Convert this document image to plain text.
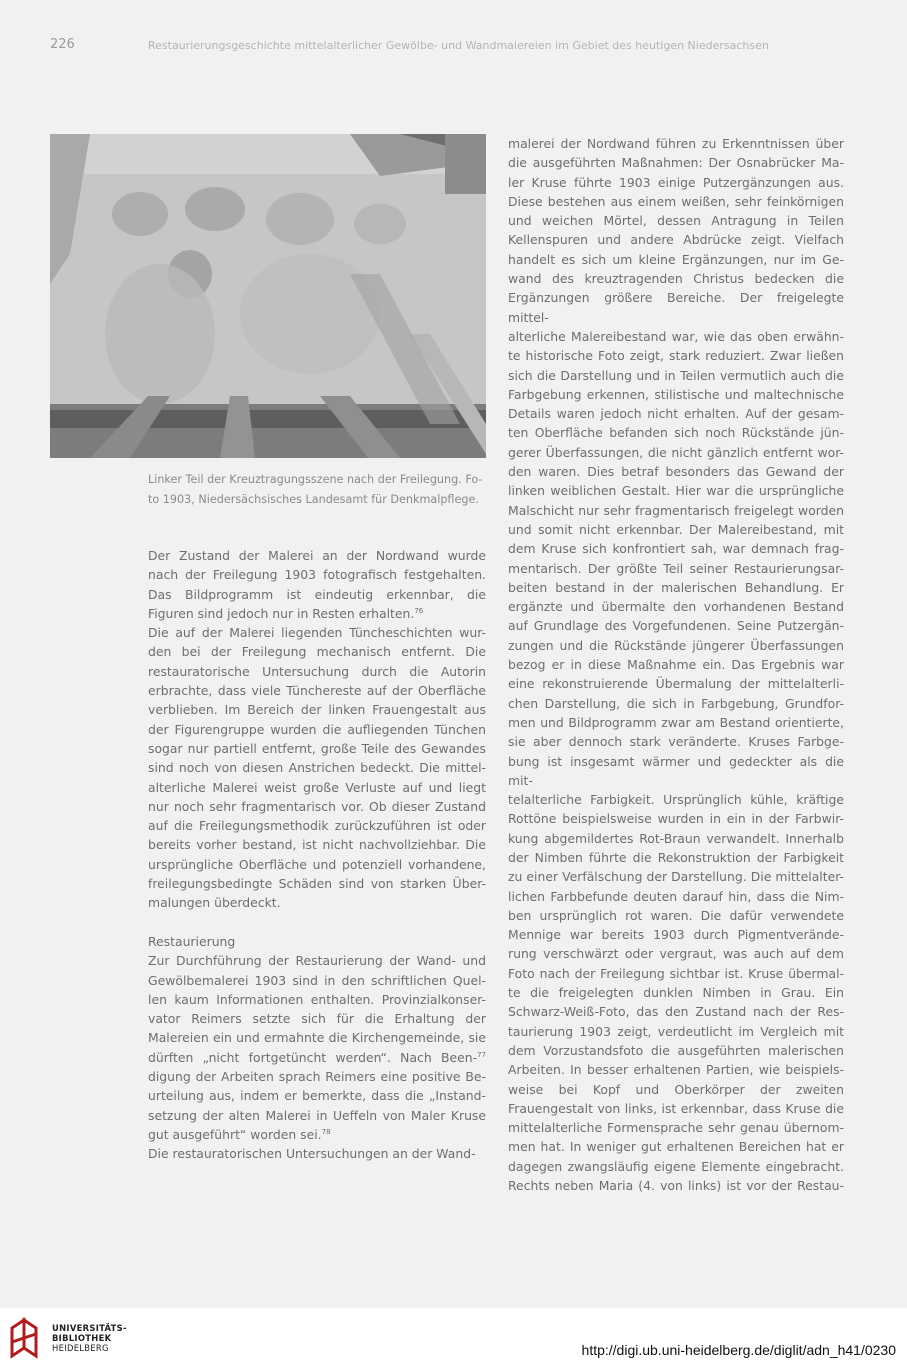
226	Restaurierungsgeschichte mittelalterlicher Gewölbe- und Wandmalereien im Gebiet des heutigen Niedersachsen
Linker Teil der Kreuztragungsszene nach der Freilegung. Fo-
to 1903, Niedersächsisches Landesamt für Denkmalpflege.
Der Zustand der Malerei an der Nordwand wurde
nach der Freilegung 1903 fotografisch festgehalten.
Das Bildprogramm ist eindeutig erkennbar, die
Figuren sind jedoch nur in Resten erhalten.$^{76}$
Die auf der Malerei liegenden Tüncheschichten wur-
den bei der Freilegung mechanisch entfernt. Die
restauratorische Untersuchung durch die Autorin
erbrachte, dass viele Tünchereste auf der Oberfläche
verblieben. Im Bereich der linken Frauengestalt aus
der Figurengruppe wurden die aufliegenden Tünchen
sogar nur partiell entfernt, große Teile des Gewandes
sind noch von diesen Anstrichen bedeckt. Die mittel-
alterliche Malerei weist große Verluste auf und liegt
nur noch sehr fragmentarisch vor. Ob dieser Zustand
auf die Freilegungsmethodik zurückzuführen ist oder
bereits vorher bestand, ist nicht nachvollziehbar. Die
ursprüngliche Oberfläche und potenziell vorhandene,
freilegungsbedingte Schäden sind von starken Über-
malungen überdeckt.
Restaurierung
Zur Durchführung der Restaurierung der Wand- und
Gewölbemalerei 1903 sind in den schriftlichen Quel-
len kaum Informationen enthalten. Provinzialkonser-
vator Reimers setzte sich für die Erhaltung der
Malereien ein und ermahnte die Kirchengemeinde, sie
dürften „nicht fortgetüncht werden“. Nach Been-$^{77}$
digung der Arbeiten sprach Reimers eine positive Be-
urteilung aus, indem er bemerkte, dass die „Instand-
setzung der alten Malerei in Ueffeln von Maler Kruse
gut ausgeführt“ worden sei.$^{78}$
Die restauratorischen Untersuchungen an der Wand-
malerei der Nordwand führen zu Erkenntnissen über
die ausgeführten Maßnahmen: Der Osnabrücker Ma-
ler Kruse führte 1903 einige Putzergänzungen aus.
Diese bestehen aus einem weißen, sehr feinkörnigen
und weichen Mörtel, dessen Antragung in Teilen
Kellenspuren und andere Abdrücke zeigt. Vielfach
handelt es sich um kleine Ergänzungen, nur im Ge-
wand des kreuztragenden Christus bedecken die
Ergänzungen größere Bereiche. Der freigelegte mittel-
alterliche Malereibestand war, wie das oben erwähn-
te historische Foto zeigt, stark reduziert. Zwar ließen
sich die Darstellung und in Teilen vermutlich auch die
Farbgebung erkennen, stilistische und maltechnische
Details waren jedoch nicht erhalten. Auf der gesam-
ten Oberfläche befanden sich noch Rückstände jün-
gerer Überfassungen, die nicht gänzlich entfernt wor-
den waren. Dies betraf besonders das Gewand der
linken weiblichen Gestalt. Hier war die ursprüngliche
Malschicht nur sehr fragmentarisch freigelegt worden
und somit nicht erkennbar. Der Malereibestand, mit
dem Kruse sich konfrontiert sah, war demnach frag-
mentarisch. Der größte Teil seiner Restaurierungsar-
beiten bestand in der malerischen Behandlung. Er
ergänzte und übermalte den vorhandenen Bestand
auf Grundlage des Vorgefundenen. Seine Putzergän-
zungen und die Rückstände jüngerer Überfassungen
bezog er in diese Maßnahme ein. Das Ergebnis war
eine rekonstruierende Übermalung der mittelalterli-
chen Darstellung, die sich in Farbgebung, Grundfor-
men und Bildprogramm zwar am Bestand orientierte,
sie aber dennoch stark veränderte. Kruses Farbge-
bung ist insgesamt wärmer und gedeckter als die mit-
telalterliche Farbigkeit. Ursprünglich kühle, kräftige
Rottöne beispielsweise wurden in ein in der Farbwir-
kung abgemildertes Rot-Braun verwandelt. Innerhalb
der Nimben führte die Rekonstruktion der Farbigkeit
zu einer Verfälschung der Darstellung. Die mittelalter-
lichen Farbbefunde deuten darauf hin, dass die Nim-
ben ursprünglich rot waren. Die dafür verwendete
Mennige war bereits 1903 durch Pigmentverände-
rung verschwärzt oder vergraut, was auch auf dem
Foto nach der Freilegung sichtbar ist. Kruse übermal-
te die freigelegten dunklen Nimben in Grau. Ein
Schwarz-Weiß-Foto, das den Zustand nach der Res-
taurierung 1903 zeigt, verdeutlicht im Vergleich mit
dem Vorzustandsfoto die ausgeführten malerischen
Arbeiten. In besser erhaltenen Partien, wie beispiels-
weise bei Kopf und Oberkörper der zweiten
Frauengestalt von links, ist erkennbar, dass Kruse die
mittelalterliche Formensprache sehr genau übernom-
men hat. In weniger gut erhaltenen Bereichen hat er
dagegen zwangsläufig eigene Elemente eingebracht.
Rechts neben Maria (4. von links) ist vor der Restau-
UNIVERSITÄTS-
BIBLIOTHEK
HEIDELBERG	http://digi.ub.uni-heidelberg.de/diglit/adn_h41/0230
